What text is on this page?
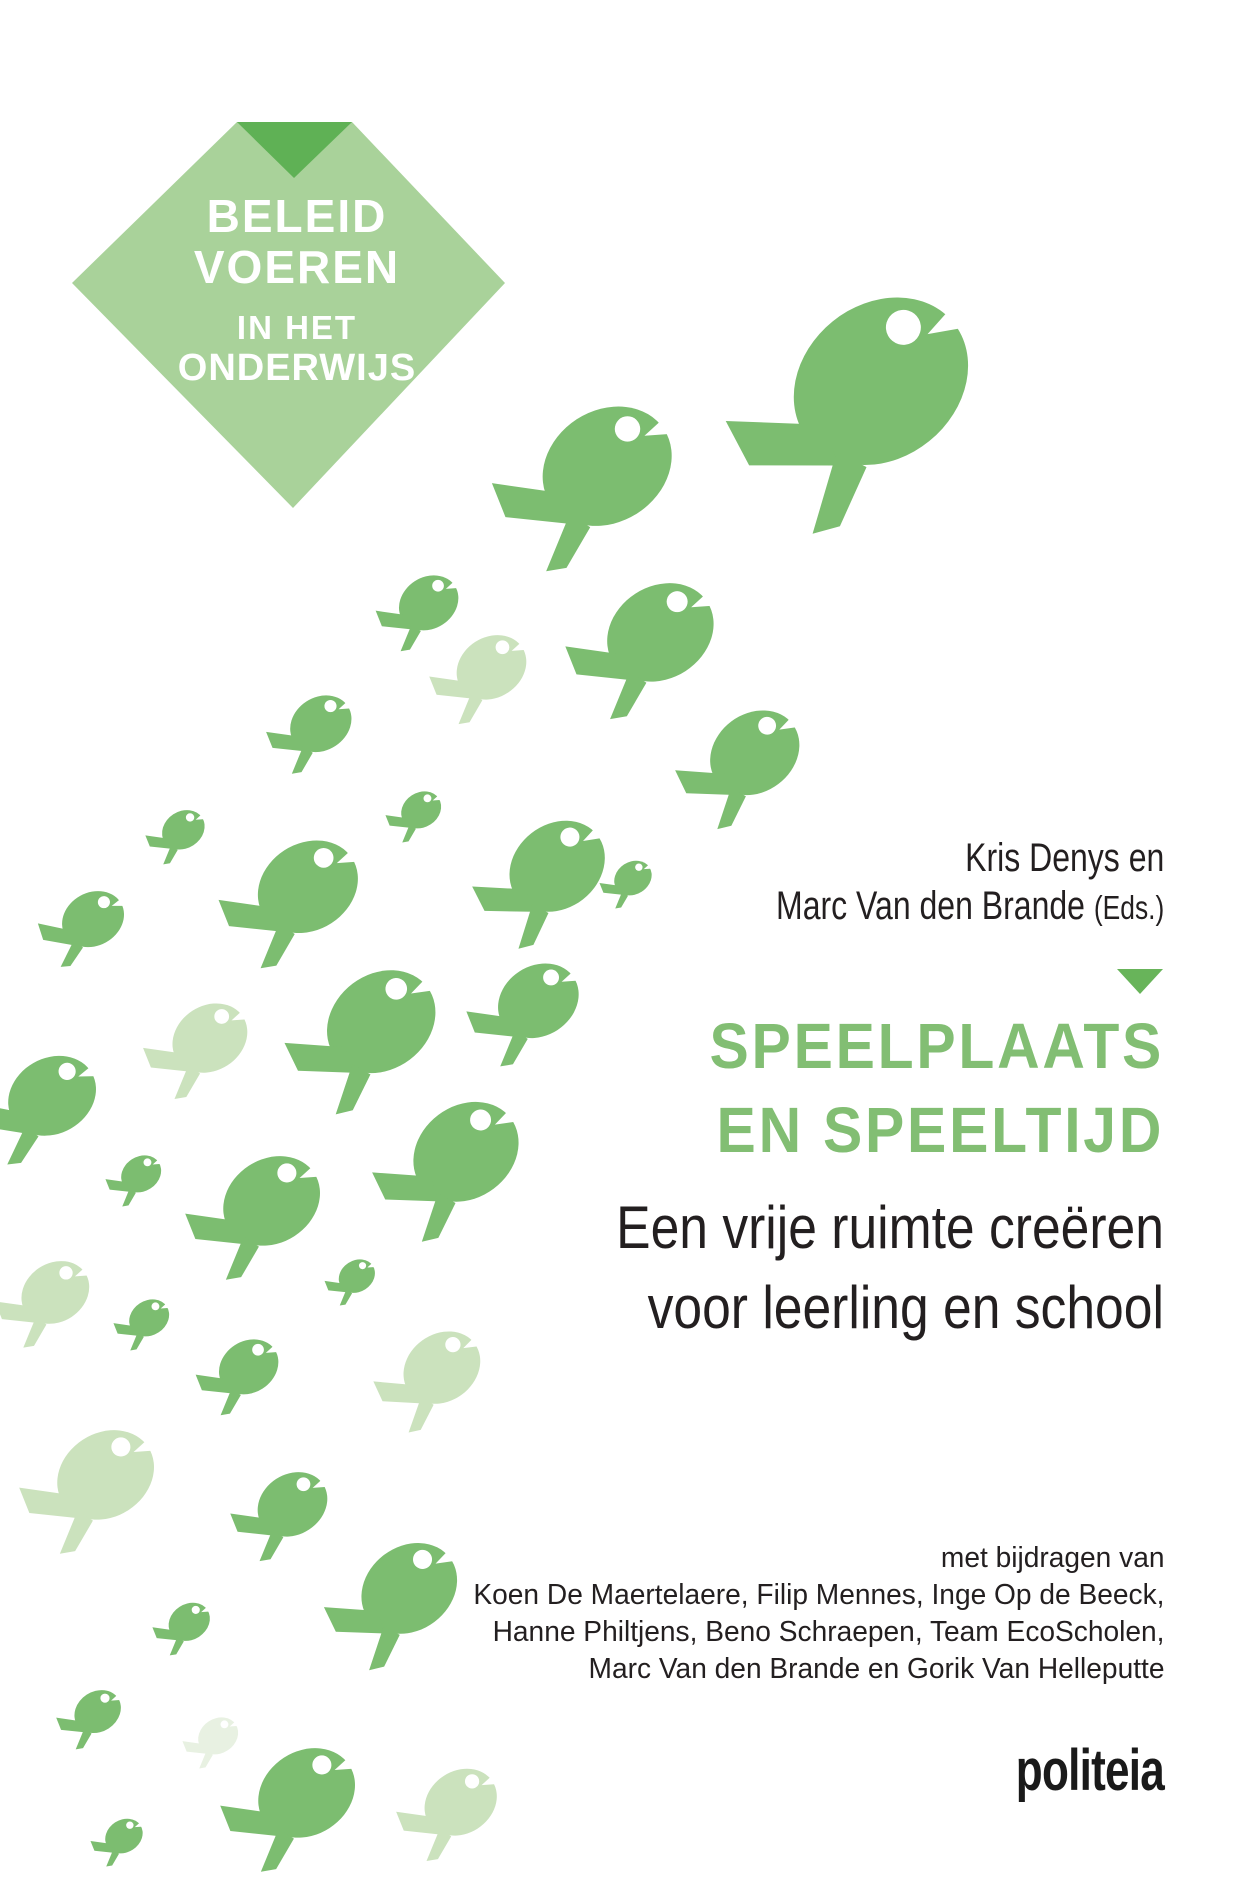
BELEID
VOEREN
IN HET
ONDERWIJS
Kris Denys en
Marc Van den Brande (Eds.)
SPEELPLAATS
EN SPEELTIJD
Een vrije ruimte creëren
voor leerling en school
met bijdragen van
Koen De Maertelaere, Filip Mennes, Inge Op de Beeck,
Hanne Philtjens, Beno Schraepen, Team EcoScholen,
Marc Van den Brande en Gorik Van Helleputte
politeia
